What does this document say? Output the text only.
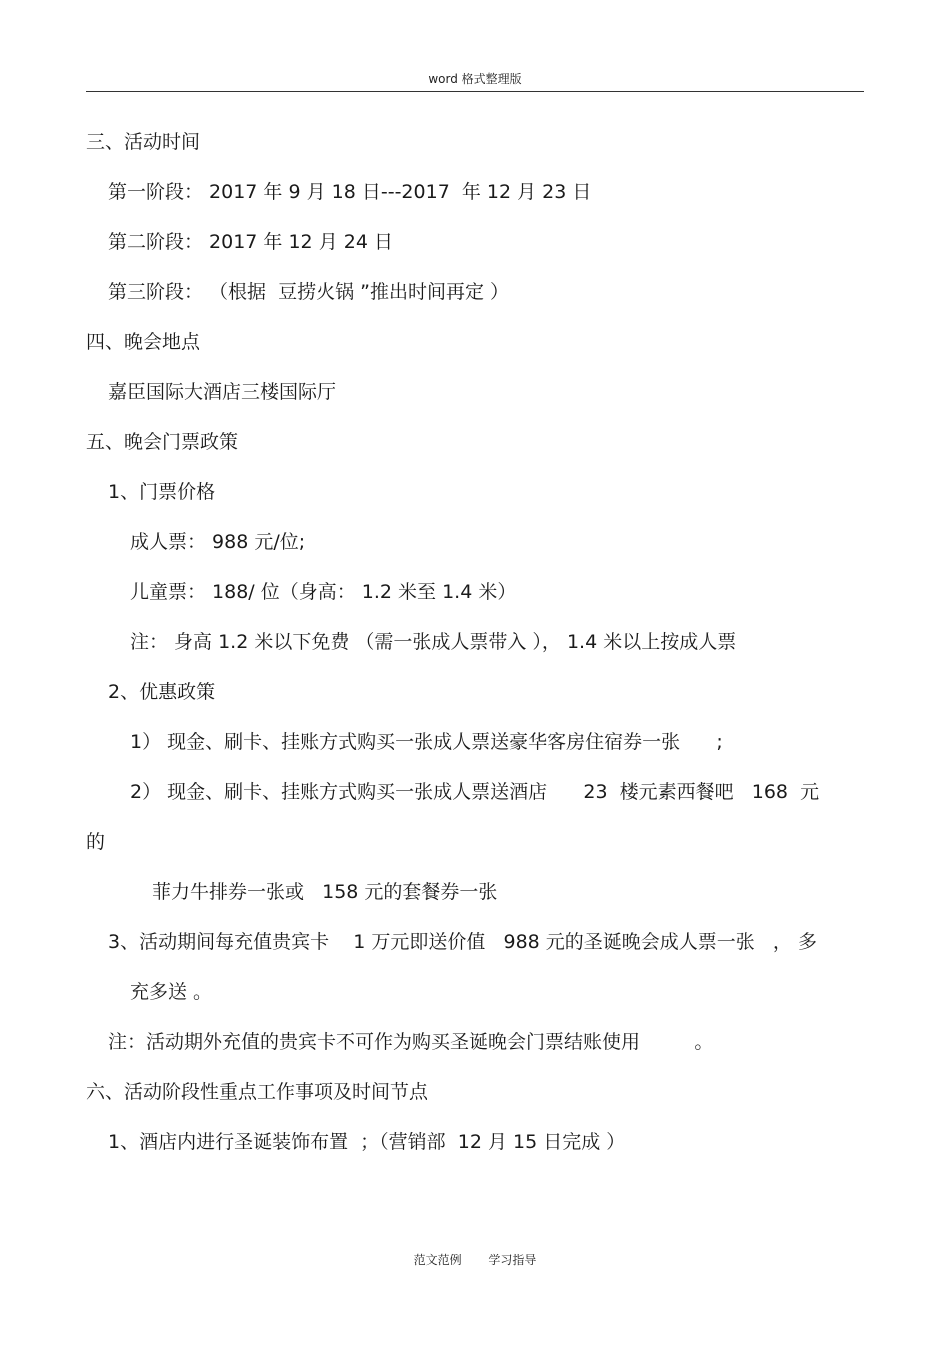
word 格式整理版
三、活动时间
第一阶段： 2017 年 9 月 18 日---2017  年 12 月 23 日
第二阶段： 2017 年 12 月 24 日
第三阶段： （根据  豆捞火锅 ”推出时间再定 ）
四、晚会地点
嘉臣国际大酒店三楼国际厅
五、晚会门票政策
1、门票价格
成人票： 988 元/位;
儿童票： 188/ 位（身高： 1.2 米至 1.4 米）
注： 身高 1.2 米以下免费 （需一张成人票带入 ）， 1.4 米以上按成人票
2、优惠政策
1） 现金、刷卡、挂账方式购买一张成人票送豪华客房住宿券一张      ;
2） 现金、刷卡、挂账方式购买一张成人票送酒店      23  楼元素西餐吧   168  元
的
菲力牛排券一张或   158 元的套餐券一张
3、活动期间每充值贵宾卡    1 万元即送价值   988 元的圣诞晚会成人票一张   ， 多
充多送 。
注：活动期外充值的贵宾卡不可作为购买圣诞晚会门票结账使用         。
六、活动阶段性重点工作事项及时间节点
1、酒店内进行圣诞装饰布置  ；（营销部  12 月 15 日完成 ）
范文范例       学习指导
